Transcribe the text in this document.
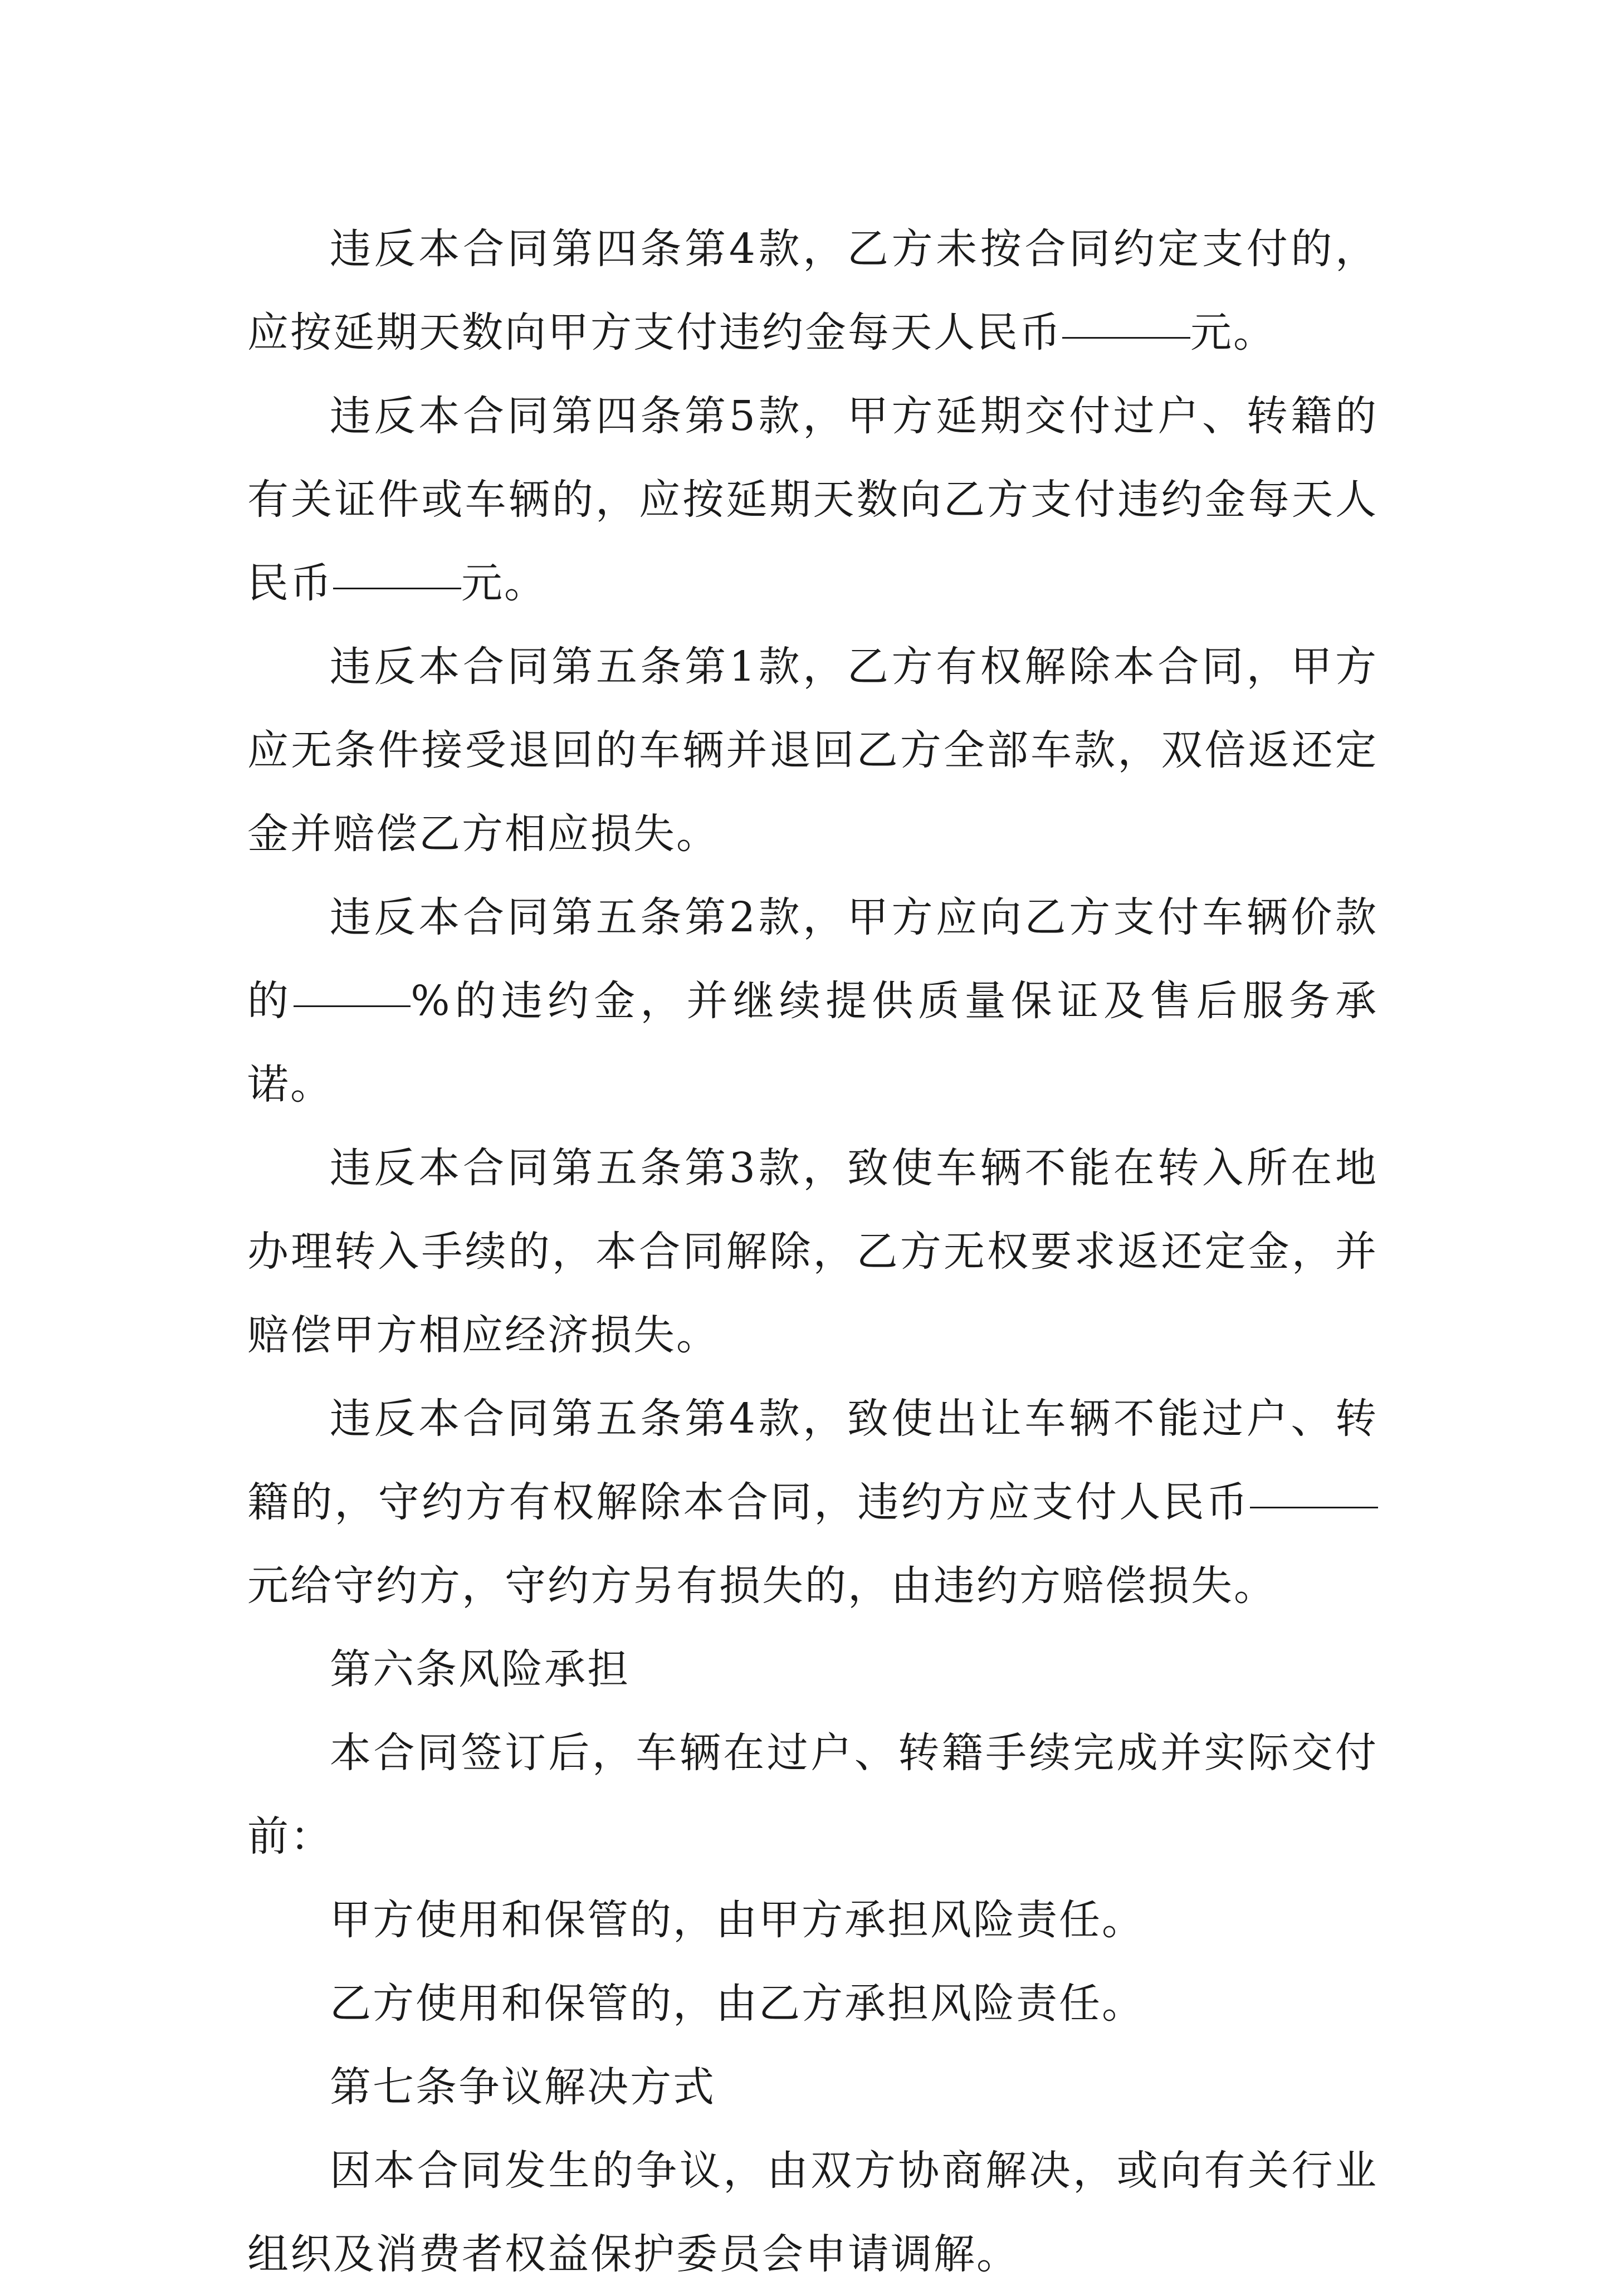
违反本合同第四条第4款，乙方未按合同约定支付的，应按延期天数向甲方支付违约金每天人民币	元。

违反本合同第四条第5款，甲方延期交付过户、转籍的有关证件或车辆的，应按延期天数向乙方支付违约金每天人民币	元。

违反本合同第五条第1款，乙方有权解除本合同，甲方应无条件接受退回的车辆并退回乙方全部车款，双倍返还定金并赔偿乙方相应损失。

违反本合同第五条第2款，甲方应向乙方支付车辆价款的	%的违约金，并继续提供质量保证及售后服务承诺。

违反本合同第五条第3款，致使车辆不能在转入所在地办理转入手续的，本合同解除，乙方无权要求返还定金，并赔偿甲方相应经济损失。

违反本合同第五条第4款，致使出让车辆不能过户、转籍的，守约方有权解除本合同，违约方应支付人民币元给守约方，守约方另有损失的，由违约方赔偿损失。

第六条风险承担

本合同签订后，车辆在过户、转籍手续完成并实际交付前：

甲方使用和保管的，由甲方承担风险责任。

乙方使用和保管的，由乙方承担风险责任。

第七条争议解决方式

因本合同发生的争议，由双方协商解决，或向有关行业组织及消费者权益保护委员会申请调解。
